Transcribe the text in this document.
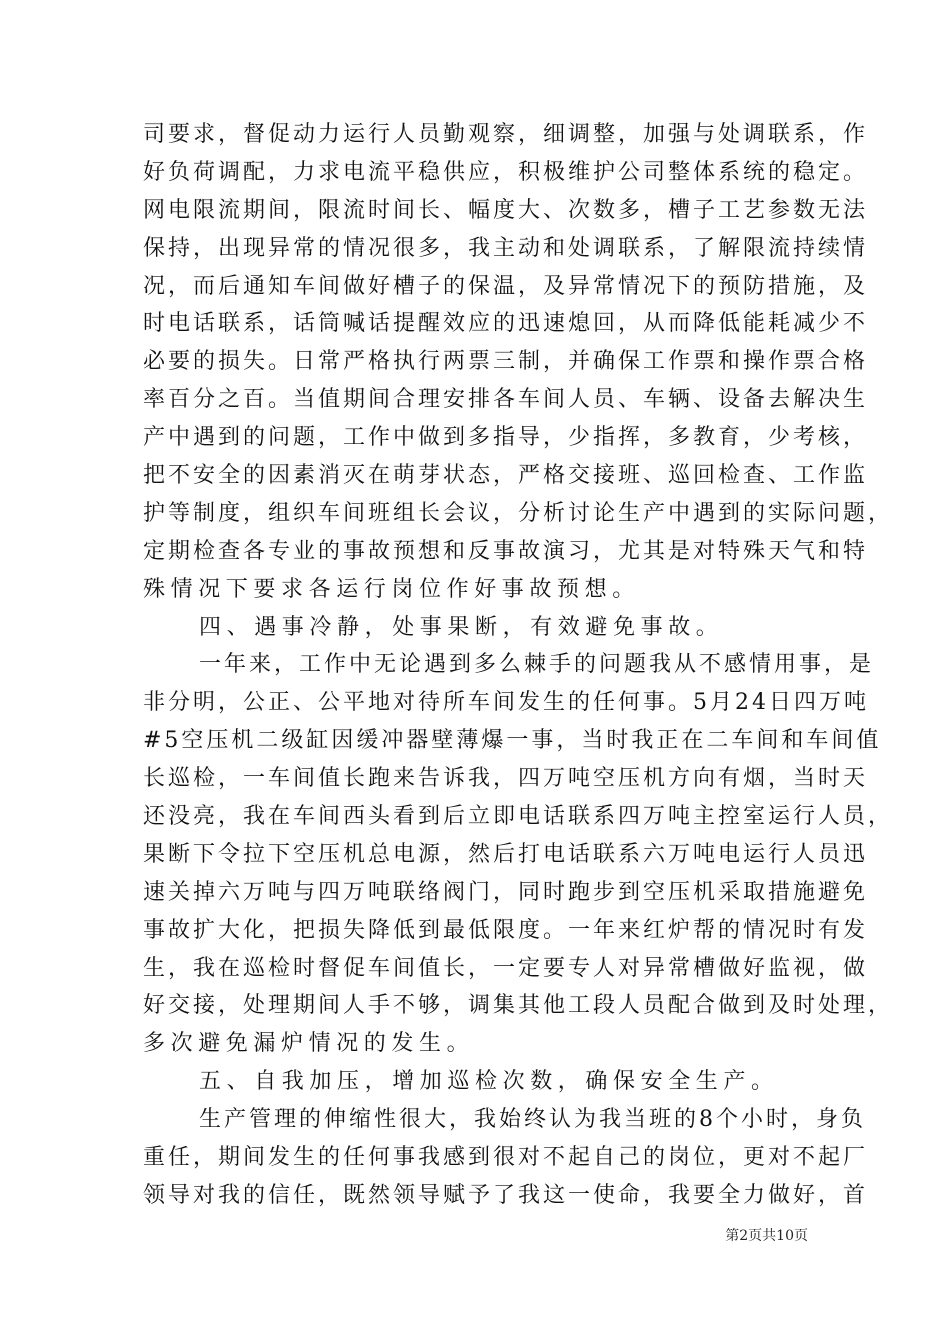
司要求，督促动力运行人员勤观察，细调整，加强与处调联系，作
好负荷调配，力求电流平稳供应，积极维护公司整体系统的稳定。
网电限流期间，限流时间长、幅度大、次数多，槽子工艺参数无法
保持，出现异常的情况很多，我主动和处调联系，了解限流持续情
况，而后通知车间做好槽子的保温，及异常情况下的预防措施，及
时电话联系，话筒喊话提醒效应的迅速熄回，从而降低能耗减少不
必要的损失。日常严格执行两票三制，并确保工作票和操作票合格
率百分之百。当值期间合理安排各车间人员、车辆、设备去解决生
产中遇到的问题，工作中做到多指导，少指挥，多教育，少考核，
把不安全的因素消灭在萌芽状态，严格交接班、巡回检查、工作监
护等制度，组织车间班组长会议，分析讨论生产中遇到的实际问题，
定期检查各专业的事故预想和反事故演习，尤其是对特殊天气和特
殊情况下要求各运行岗位作好事故预想。
四、遇事冷静，处事果断，有效避免事故。
一年来，工作中无论遇到多么棘手的问题我从不感情用事，是
非分明，公正、公平地对待所车间发生的任何事。5月24日四万吨
#5空压机二级缸因缓冲器壁薄爆一事，当时我正在二车间和车间值
长巡检，一车间值长跑来告诉我，四万吨空压机方向有烟，当时天
还没亮，我在车间西头看到后立即电话联系四万吨主控室运行人员，
果断下令拉下空压机总电源，然后打电话联系六万吨电运行人员迅
速关掉六万吨与四万吨联络阀门，同时跑步到空压机采取措施避免
事故扩大化，把损失降低到最低限度。一年来红炉帮的情况时有发
生，我在巡检时督促车间值长，一定要专人对异常槽做好监视，做
好交接，处理期间人手不够，调集其他工段人员配合做到及时处理，
多次避免漏炉情况的发生。
五、自我加压，增加巡检次数，确保安全生产。
生产管理的伸缩性很大，我始终认为我当班的8个小时，身负
重任，期间发生的任何事我感到很对不起自己的岗位，更对不起厂
领导对我的信任，既然领导赋予了我这一使命，我要全力做好，首
第2页共10页
